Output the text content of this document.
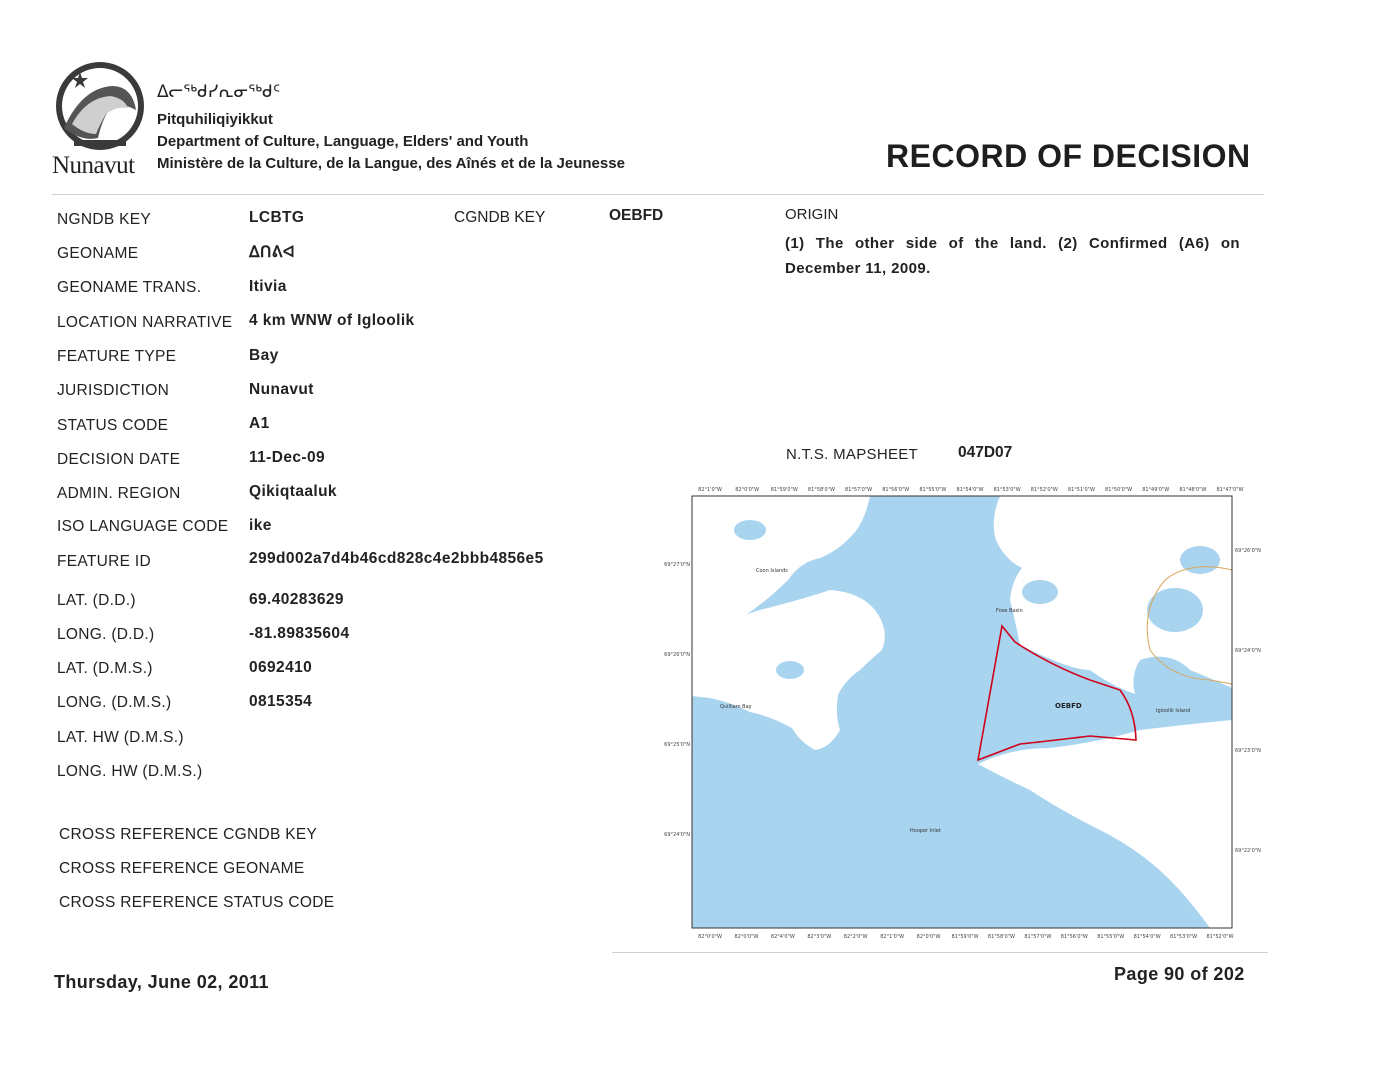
Nunavut
ᐃᓕᖅᑯᓯᕆᓂᖅᑯᑦ
Pitquhiliqiyikkut
Department of Culture, Language, Elders' and Youth
Ministère de la Culture, de la Langue, des Aînés et de la Jeunesse	RECORD OF DECISION
NGNDB KEY	LCBTG	CGNDB KEY	OEBFD
GEONAME	ᐃᑎᕕᐊ
GEONAME TRANS.	Itivia
LOCATION NARRATIVE 4 km WNW of Igloolik
FEATURE TYPE	Bay
JURISDICTION	Nunavut
STATUS CODE	A1
DECISION DATE	11-Dec-09
ADMIN. REGION	Qikiqtaaluk
ISO LANGUAGE CODE ike
FEATURE ID	299d002a7d4b46cd828c4e2bbb4856e5
LAT. (D.D.)	69.40283629
LONG. (D.D.)	-81.89835604
LAT. (D.M.S.)	0692410
LONG. (D.M.S.)	0815354
LAT. HW (D.M.S.)
LONG. HW (D.M.S.)
CROSS REFERENCE CGNDB KEY
CROSS REFERENCE GEONAME
CROSS REFERENCE STATUS CODE
ORIGIN
(1) The other side of the land. (2) Confirmed (A6) on December 11, 2009.
N.T.S. MAPSHEET	047D07
OEBFD
Foxe Basin
Igloolik Island
Quilliam Bay
Hooper Inlet
Coon Islands
82°1'0"W	82°0'0"W 81°59'0"W 81°58'0"W 81°57'0"W 81°56'0"W 81°55'0"W 81°54'0"W 81°53'0"W 81°52'0"W 81°51'0"W 81°50'0"W 81°49'0"W 81°48'0"W 81°47'0"W
82°0'0"W	82°0'0"W	82°4'0"W	82°3'0"W	82°2'0"W	82°1'0"W	82°0'0"W 81°59'0"W 81°58'0"W 81°57'0"W 81°56'0"W 81°55'0"W 81°54'0"W 81°53'0"W 81°52'0"W
69°27'0"N
69°26'0"N
69°25'0"N
69°24'0"N
69°26'0"N
69°24'0"N
69°23'0"N
69°22'0"N
Thursday, June 02, 2011	Page 90 of 202
